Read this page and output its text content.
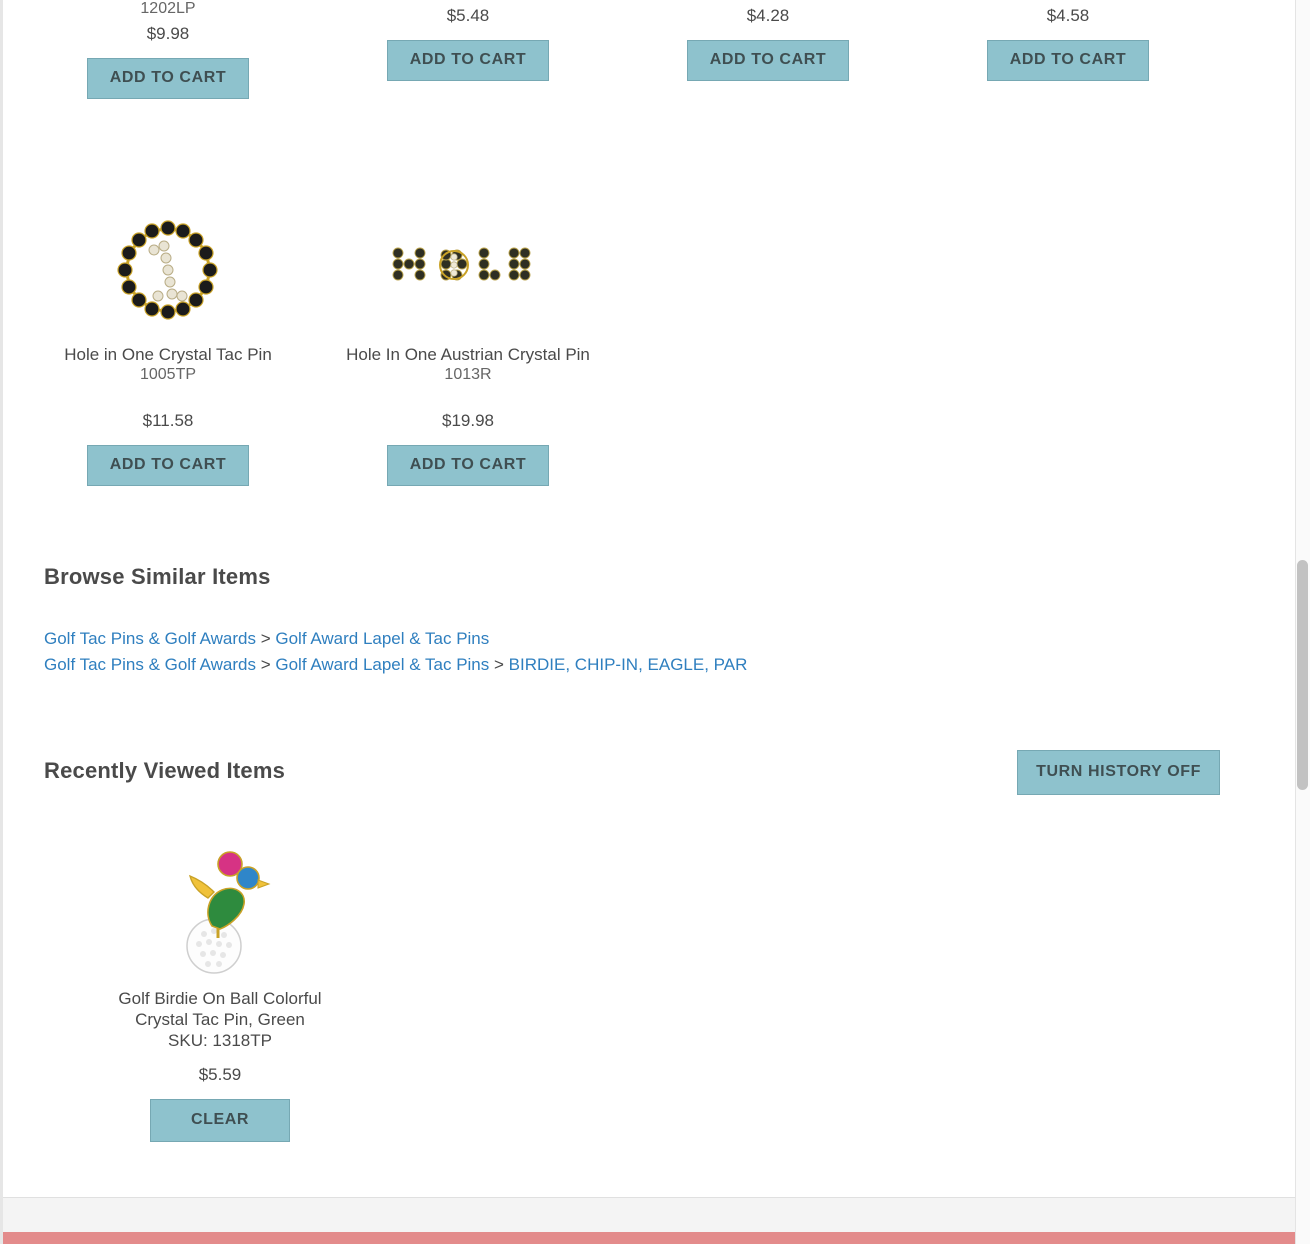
1202LP
$9.98
ADD TO CART
$5.48
ADD TO CART
$4.28
ADD TO CART
$4.58
ADD TO CART
Hole in One Crystal Tac Pin
1005TP
$11.58
ADD TO CART
Hole In One Austrian Crystal Pin
1013R
$19.98
ADD TO CART
Browse Similar Items
Golf Tac Pins & Golf Awards > Golf Award Lapel & Tac Pins
Golf Tac Pins & Golf Awards > Golf Award Lapel & Tac Pins > BIRDIE, CHIP-IN, EAGLE, PAR
Recently Viewed Items	TURN HISTORY OFF
Golf Birdie On Ball Colorful
Crystal Tac Pin, Green
SKU: 1318TP
$5.59
CLEAR
